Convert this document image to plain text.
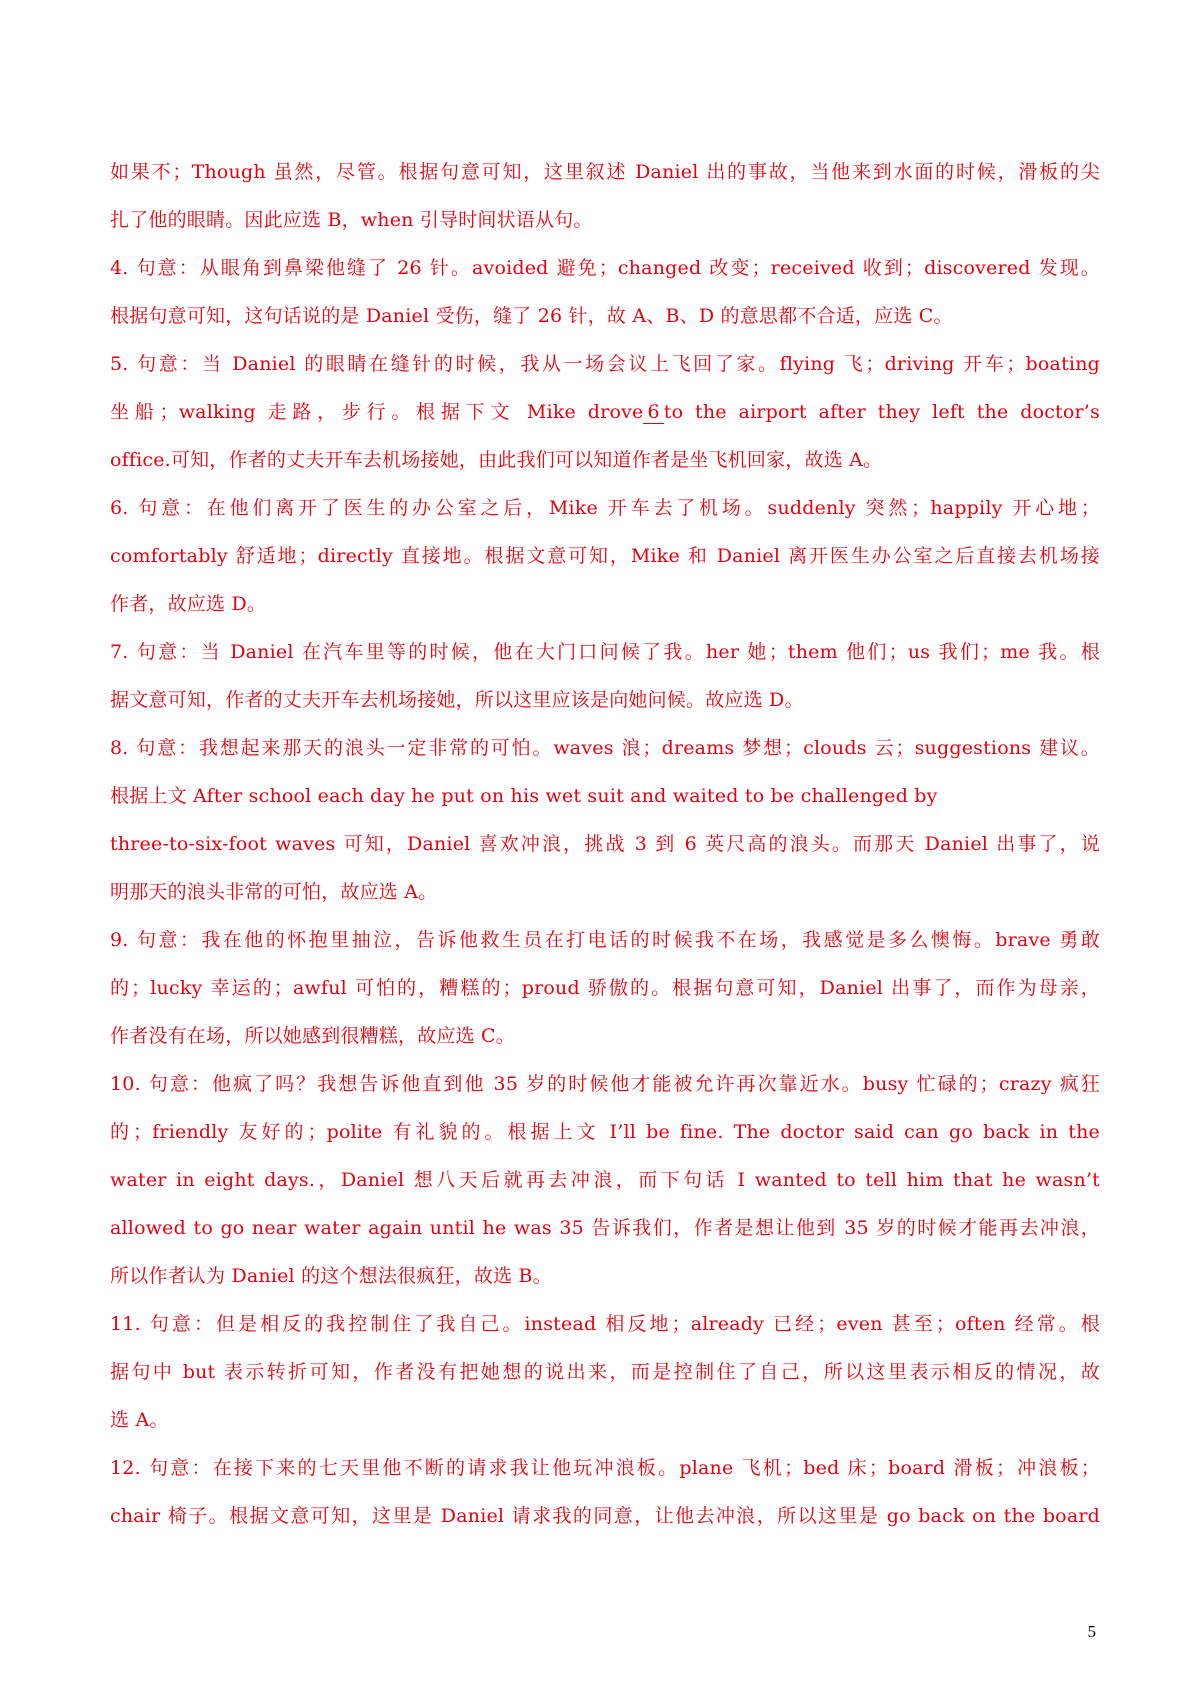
如果不；Though 虽然，尽管。根据句意可知，这里叙述 Daniel 出的事故，当他来到水面的时候，滑板的尖
扎了他的眼睛。因此应选 B，when 引导时间状语从句。
4. 句意：从眼角到鼻梁他缝了 26 针。avoided 避免；changed 改变；received 收到；discovered 发现。
根据句意可知，这句话说的是 Daniel 受伤，缝了 26 针，故 A、B、D 的意思都不合适，应选 C。
5. 句意：当 Daniel 的眼睛在缝针的时候，我从一场会议上飞回了家。flying 飞；driving 开车；boating
坐船；walking 走路，步行。根据下文 Mike drove 6 to the airport after they left the doctor’s
office.可知，作者的丈夫开车去机场接她，由此我们可以知道作者是坐飞机回家，故选 A。
6. 句意：在他们离开了医生的办公室之后，Mike 开车去了机场。suddenly 突然；happily 开心地；
comfortably 舒适地；directly 直接地。根据文意可知，Mike 和 Daniel 离开医生办公室之后直接去机场接
作者，故应选 D。
7. 句意：当 Daniel 在汽车里等的时候，他在大门口问候了我。her 她；them 他们；us 我们；me 我。根
据文意可知，作者的丈夫开车去机场接她，所以这里应该是向她问候。故应选 D。
8. 句意：我想起来那天的浪头一定非常的可怕。waves 浪；dreams 梦想；clouds 云；suggestions 建议。
根据上文 After school each day he put on his wet suit and waited to be challenged by
three-to-six-foot waves 可知，Daniel 喜欢冲浪，挑战 3 到 6 英尺高的浪头。而那天 Daniel 出事了，说
明那天的浪头非常的可怕，故应选 A。
9. 句意：我在他的怀抱里抽泣，告诉他救生员在打电话的时候我不在场，我感觉是多么懊悔。brave 勇敢
的；lucky 幸运的；awful 可怕的，糟糕的；proud 骄傲的。根据句意可知，Daniel 出事了，而作为母亲，
作者没有在场，所以她感到很糟糕，故应选 C。
10. 句意：他疯了吗？我想告诉他直到他 35 岁的时候他才能被允许再次靠近水。busy 忙碌的；crazy 疯狂
的；friendly 友好的；polite 有礼貌的。根据上文 I’ll be fine. The doctor said can go back in the
water in eight days.，Daniel 想八天后就再去冲浪，而下句话 I wanted to tell him that he wasn’t
allowed to go near water again until he was 35 告诉我们，作者是想让他到 35 岁的时候才能再去冲浪，
所以作者认为 Daniel 的这个想法很疯狂，故选 B。
11. 句意：但是相反的我控制住了我自己。instead 相反地；already 已经；even 甚至；often 经常。根
据句中 but 表示转折可知，作者没有把她想的说出来，而是控制住了自己，所以这里表示相反的情况，故
选 A。
12. 句意：在接下来的七天里他不断的请求我让他玩冲浪板。plane 飞机；bed 床；board 滑板；冲浪板；
chair 椅子。根据文意可知，这里是 Daniel 请求我的同意，让他去冲浪，所以这里是 go back on the board
5
